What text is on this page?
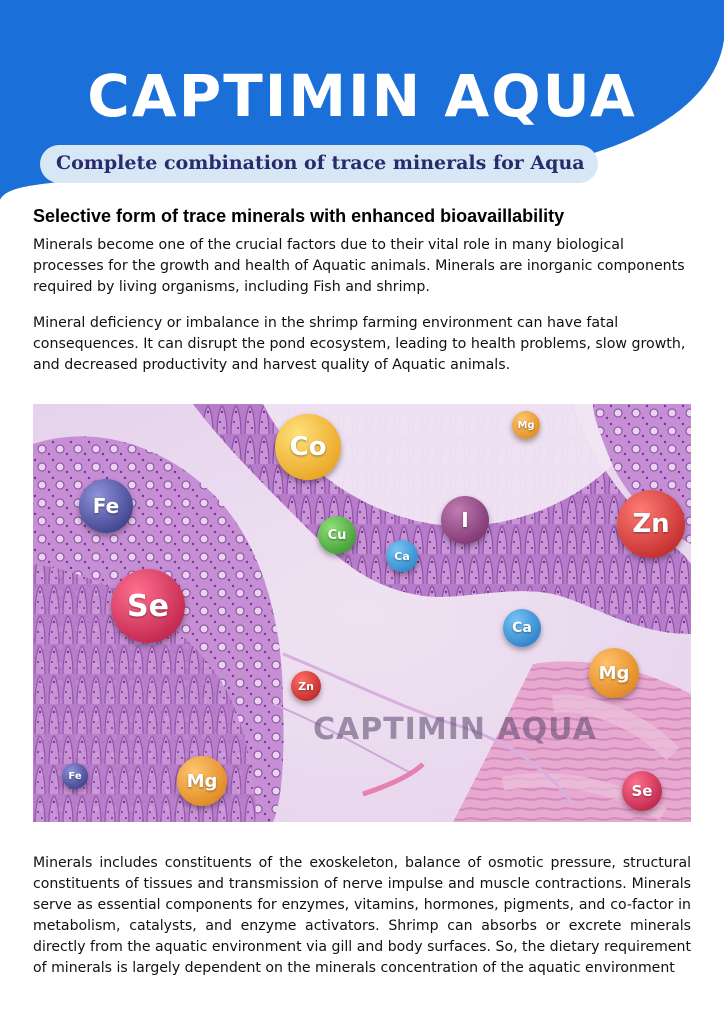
CAPTIMIN AQUA
Complete combination of trace minerals for Aqua
Selective form of trace minerals with enhanced bioavaillability
Minerals become one of the crucial factors due to their vital role in many biological processes for the growth and health of Aquatic animals. Minerals are inorganic components required by living organisms, including Fish and shrimp.
Mineral deficiency or imbalance in the shrimp farming environment can have fatal consequences. It can disrupt the pond ecosystem, leading to health problems, slow growth, and decreased productivity and harvest quality of Aquatic animals.
CAPTIMIN AQUA
Mg
Co
Fe
Cu
Ca
I	Zn
Se
Ca
Mg
Zn
Fe	Mg	Se
Minerals includes constituents of the exoskeleton, balance of osmotic pressure, structural constituents of tissues and transmission of nerve impulse and muscle contractions. Minerals serve as essential components for enzymes, vitamins, hormones, pigments, and co-factor in metabolism, catalysts, and enzyme activators. Shrimp can absorbs or excrete minerals directly from the aquatic environment via gill and body surfaces. So, the dietary requirement of minerals is largely dependent on the minerals concentration of the aquatic environment
